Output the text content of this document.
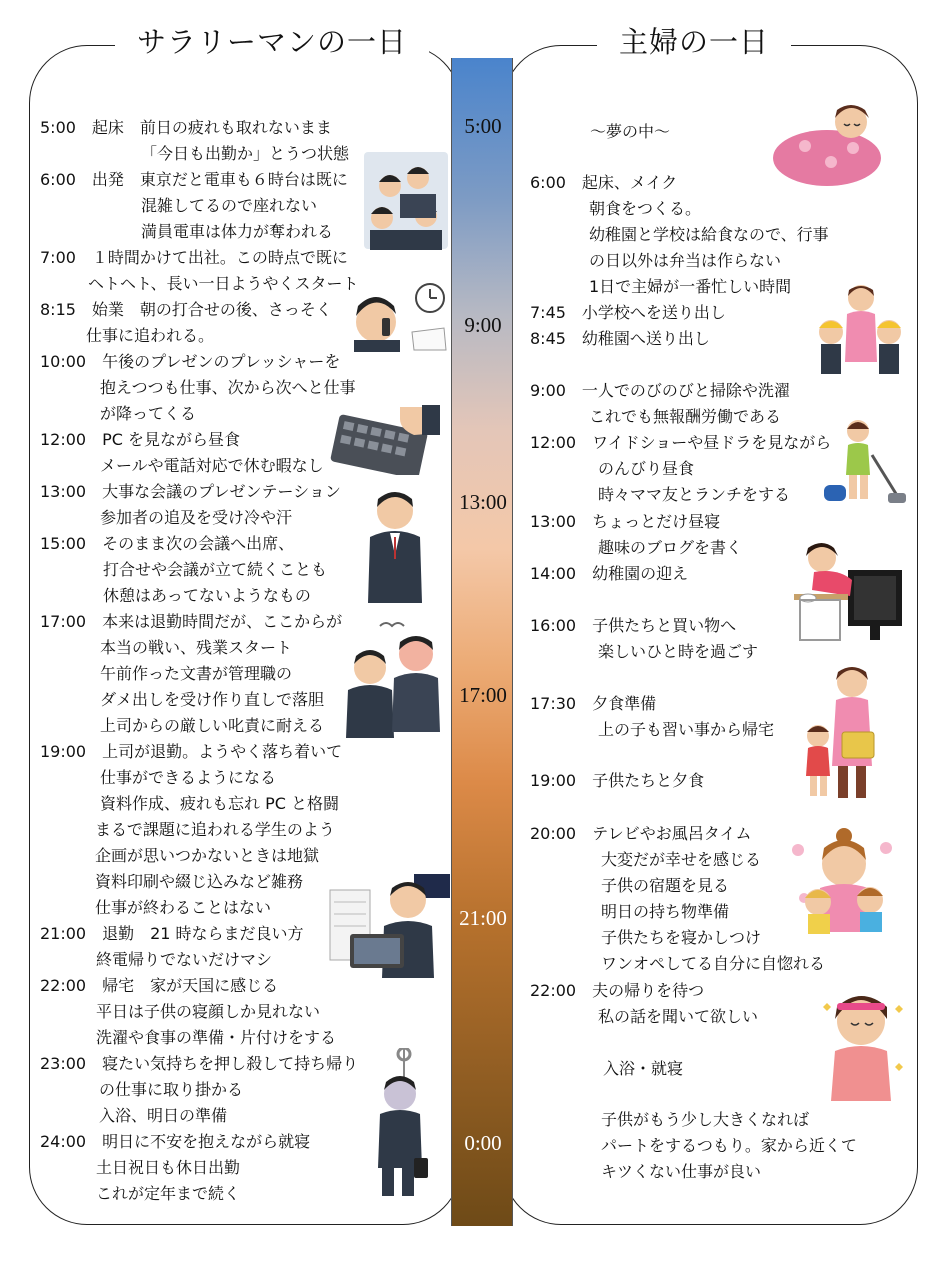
5:00
9:00
13:00
17:00
21:00
0:00
サラリーマンの一日	主婦の一日
5:00　起床　前日の疲れも取れないまま
「今日も出勤か」とうつ状態
6:00　出発　東京だと電車も６時台は既に
混雑してるので座れない
満員電車は体力が奪われる
7:00　１時間かけて出社。この時点で既に
ヘトヘト、長い一日ようやくスタート
8:15　始業　朝の打合せの後、さっそく
仕事に追われる。
10:00　午後のプレゼンのプレッシャーを
抱えつつも仕事、次から次へと仕事
が降ってくる
12:00　PC を見ながら昼食
メールや電話対応で休む暇なし
13:00　大事な会議のプレゼンテーション
参加者の追及を受け冷や汗
15:00　そのまま次の会議へ出席、
打合せや会議が立て続くことも
休憩はあってないようなもの
17:00　本来は退勤時間だが、ここからが
本当の戦い、残業スタート
午前作った文書が管理職の
ダメ出しを受け作り直しで落胆
上司からの厳しい叱責に耐える
19:00　上司が退勤。ようやく落ち着いて
仕事ができるようになる
資料作成、疲れも忘れ PC と格闘
まるで課題に追われる学生のよう
企画が思いつかないときは地獄
資料印刷や綴じ込みなど雑務
仕事が終わることはない
21:00　退勤　21 時ならまだ良い方
終電帰りでないだけマシ
22:00　帰宅　家が天国に感じる
平日は子供の寝顔しか見れない
洗濯や食事の準備・片付けをする
23:00　寝たい気持ちを押し殺して持ち帰り
の仕事に取り掛かる
入浴、明日の準備
24:00　明日に不安を抱えながら就寝
土日祝日も休日出勤
これが定年まで続く
～夢の中～
6:00　起床、メイク
朝食をつくる。
幼稚園と学校は給食なので、行事
の日以外は弁当は作らない
1日で主婦が一番忙しい時間
7:45　小学校へを送り出し
8:45　幼稚園へ送り出し
9:00　一人でのびのびと掃除や洗濯
これでも無報酬労働である
12:00　ワイドショーや昼ドラを見ながら
のんびり昼食
時々ママ友とランチをする
13:00　ちょっとだけ昼寝
趣味のブログを書く
14:00　幼稚園の迎え
16:00　子供たちと買い物へ
楽しいひと時を過ごす
17:30　夕食準備
上の子も習い事から帰宅
19:00　子供たちと夕食
20:00　テレビやお風呂タイム
大変だが幸せを感じる
子供の宿題を見る
明日の持ち物準備
子供たちを寝かしつけ
ワンオペしてる自分に自惚れる
22:00　夫の帰りを待つ
私の話を聞いて欲しい
入浴・就寝
子供がもう少し大きくなれば
パートをするつもり。家から近くて
キツくない仕事が良い
